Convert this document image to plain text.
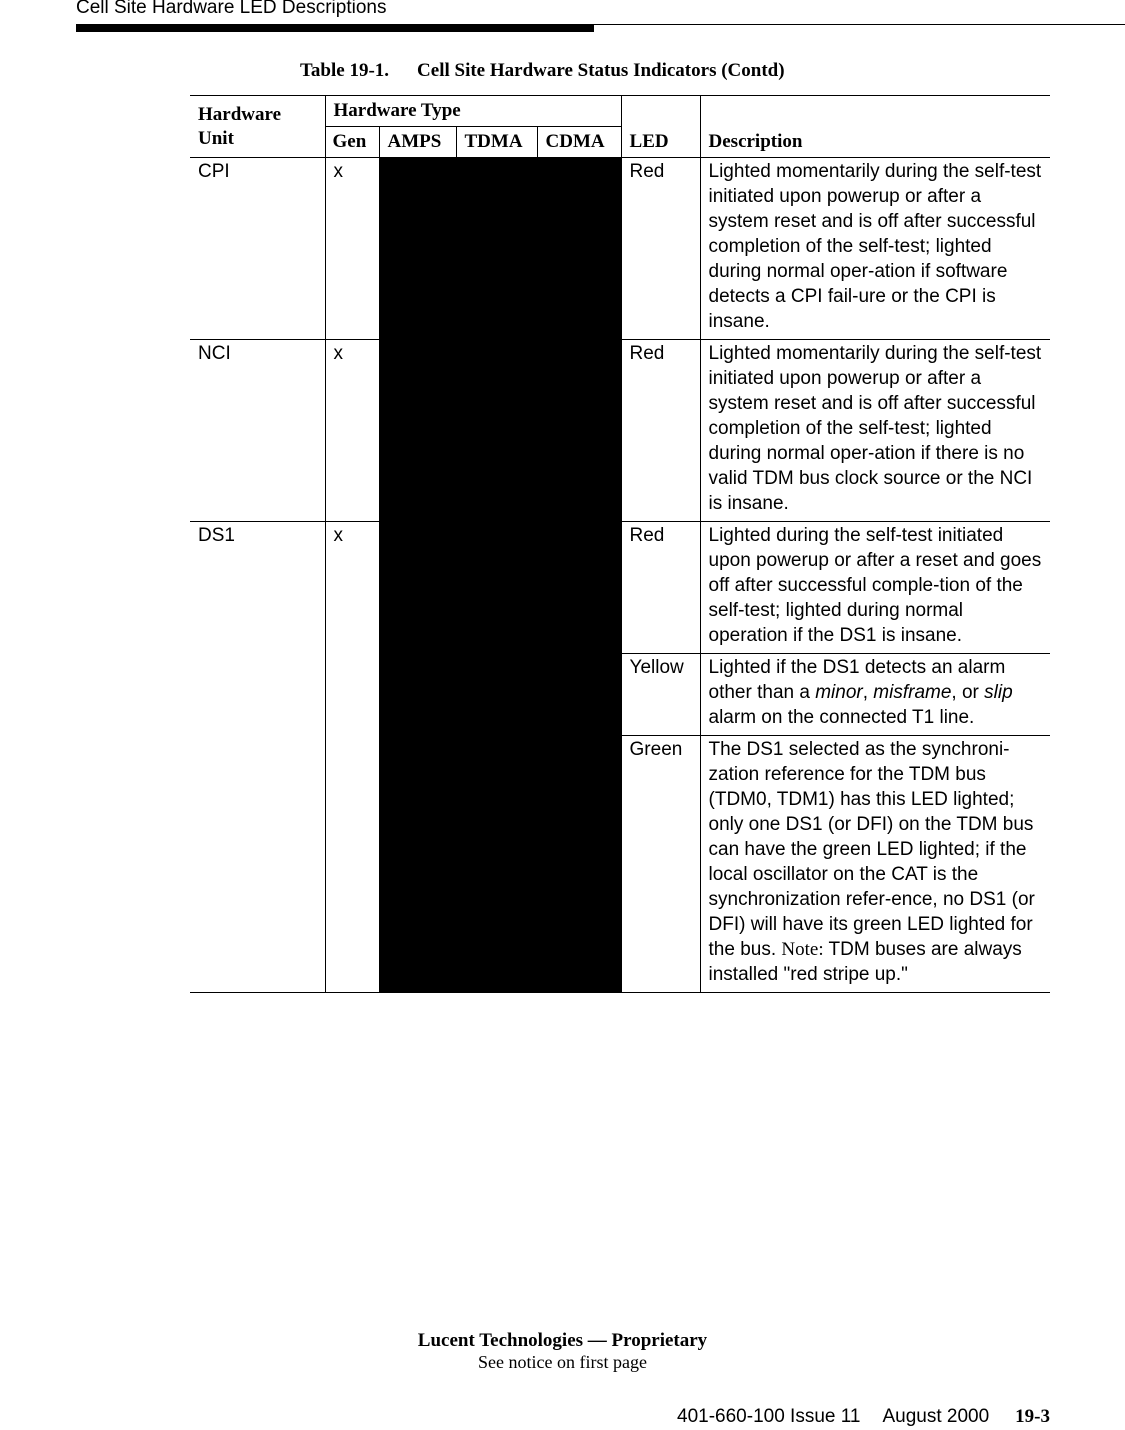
Cell Site Hardware LED Descriptions
Table 19-1. Cell Site Hardware Status Indicators (Contd)
Hardware Unit	Hardware Type				LED	Description
	Gen	AMPS	TDMA	CDMA		
CPI	x				Red	Lighted momentarily during the self-test initiated upon powerup or after a system reset and is off after successful completion of the self-test; lighted during normal oper-ation if software detects a CPI fail-ure or the CPI is insane.
NCI	x				Red	Lighted momentarily during the self-test initiated upon powerup or after a system reset and is off after successful completion of the self-test; lighted during normal oper-ation if there is no valid TDM bus clock source or the NCI is insane.
DS1	x				Red	Lighted during the self-test initiated upon powerup or after a reset and goes off after successful comple-tion of the self-test; lighted during normal operation if the DS1 is insane.
					Yellow	Lighted if the DS1 detects an alarm other than a minor, misframe, or slip alarm on the connected T1 line.
					Green	The DS1 selected as the synchroni-zation reference for the TDM bus (TDM0, TDM1) has this LED lighted; only one DS1 (or DFI) on the TDM bus can have the green LED lighted; if the local oscillator on the CAT is the synchronization refer-ence, no DS1 (or DFI) will have its green LED lighted for the bus. Note: TDM buses are always installed "red stripe up."
Lucent Technologies — Proprietary
See notice on first page
401-660-100 Issue 11 August 2000 19-3
